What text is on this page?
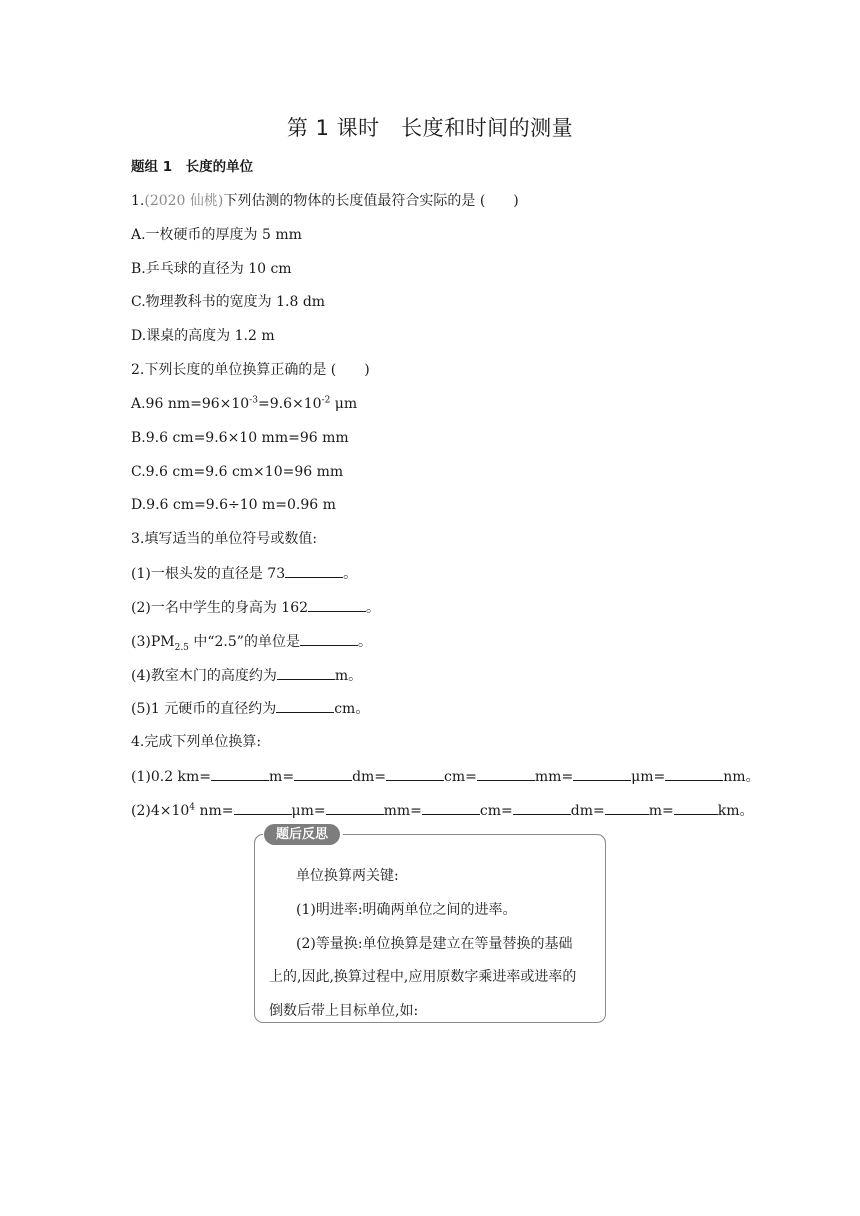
第 1 课时　长度和时间的测量

题组 1　长度的单位

1.(2020 仙桃)下列估测的物体的长度值最符合实际的是 (　　)

A.一枚硬币的厚度为 5 mm

B.乒乓球的直径为 10 cm

C.物理教科书的宽度为 1.8 dm

D.课桌的高度为 1.2 m

2.下列长度的单位换算正确的是 (　　)

A.96 $nm=96\times 10^{-3}=9.6\times 10^{-2}$ μm

B.9.6 cm=9.6×10 mm=96 mm

C.9.6 cm=9.6 cm×10=96 mm

D.9.6 cm=9.6÷10 m=0.96 m

3.填写适当的单位符号或数值:

(1)一根头发的直径是 73	。

(2)一名中学生的身高为 162	。

$(3)PM_{2.5}$ 中“2.5”的单位是	。

(4)教室木门的高度约为	m。

(5)1 元硬币的直径约为	cm。

4.完成下列单位换算:

(1)0.2 km=	m=	dm=	cm=	mm=	μm=	nm。

$(2)4\times 10^4$ nm=	μm=	mm=	cm=	dm=	m=	km。

题后反思
单位换算两关键:
(1)明进率:明确两单位之间的进率。
(2)等量换:单位换算是建立在等量替换的基础
上的,因此,换算过程中,应用原数字乘进率或进率的
倒数后带上目标单位,如:
